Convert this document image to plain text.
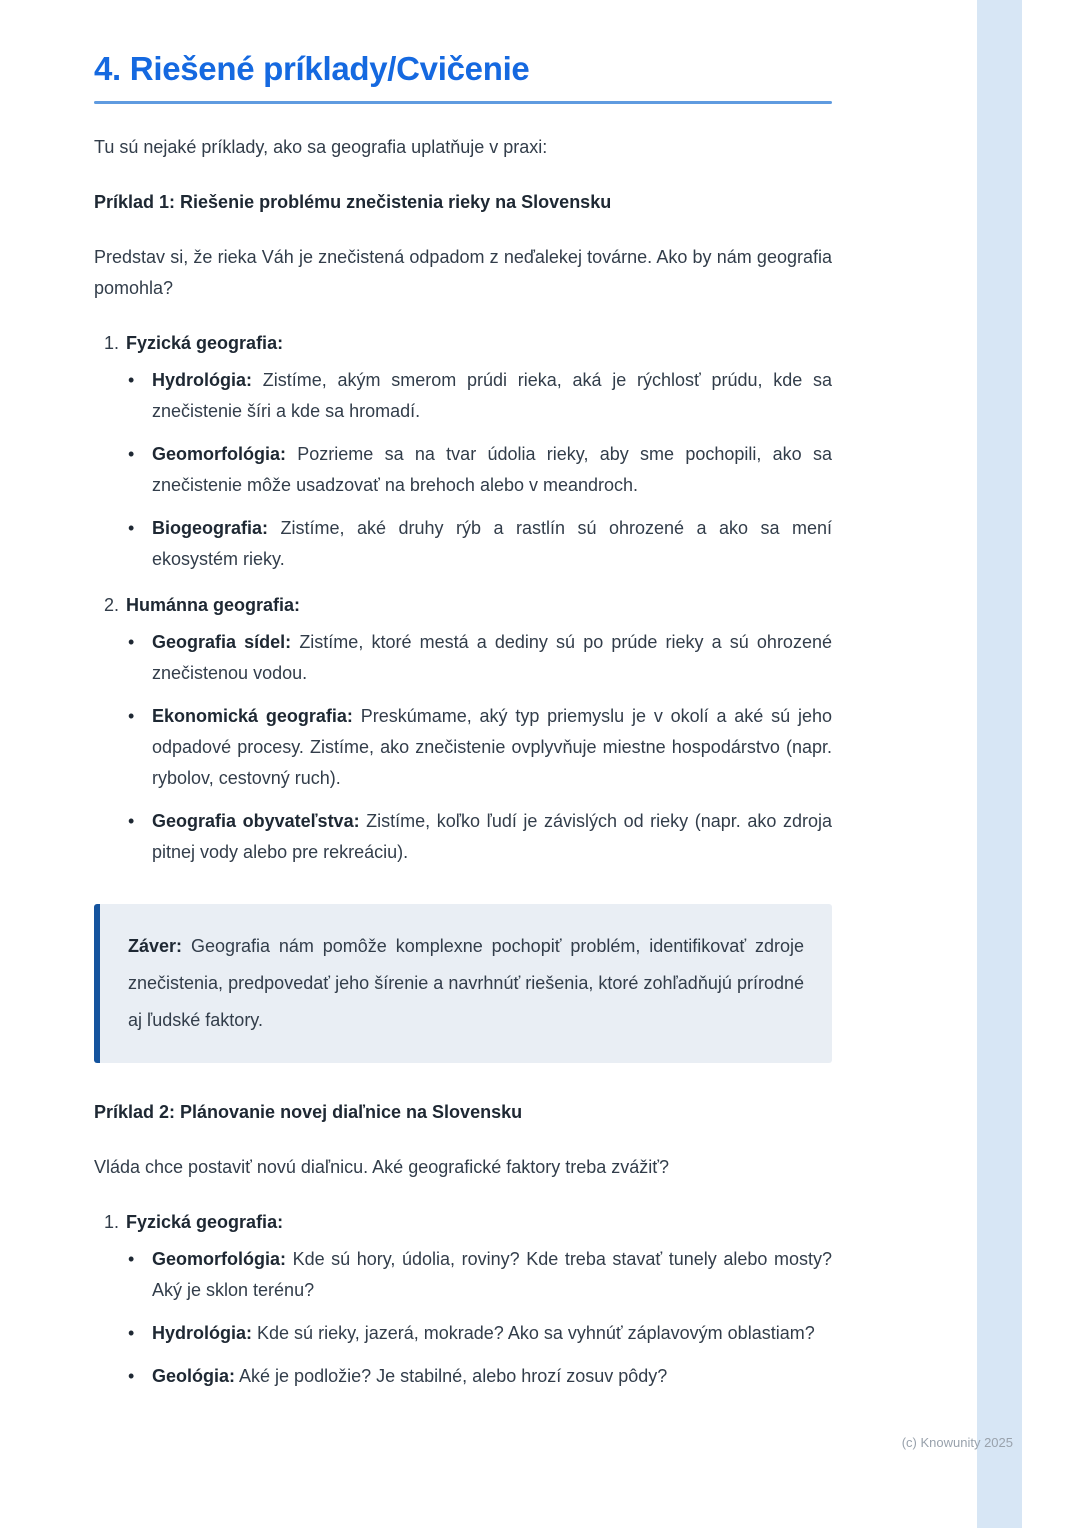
4. Riešené príklady/Cvičenie

Tu sú nejaké príklady, ako sa geografia uplatňuje v praxi:

Príklad 1: Riešenie problému znečistenia rieky na Slovensku

Predstav si, že rieka Váh je znečistená odpadom z neďalekej továrne. Ako by nám geografia pomohla?

1. Fyzická geografia:
• Hydrológia: Zistíme, akým smerom prúdi rieka, aká je rýchlosť prúdu, kde sa znečistenie šíri a kde sa hromadí.
• Geomorfológia: Pozrieme sa na tvar údolia rieky, aby sme pochopili, ako sa znečistenie môže usadzovať na brehoch alebo v meandroch.
• Biogeografia: Zistíme, aké druhy rýb a rastlín sú ohrozené a ako sa mení ekosystém rieky.
2. Humánna geografia:
• Geografia sídel: Zistíme, ktoré mestá a dediny sú po prúde rieky a sú ohrozené znečistenou vodou.
• Ekonomická geografia: Preskúmame, aký typ priemyslu je v okolí a aké sú jeho odpadové procesy. Zistíme, ako znečistenie ovplyvňuje miestne hospodárstvo (napr. rybolov, cestovný ruch).
• Geografia obyvateľstva: Zistíme, koľko ľudí je závislých od rieky (napr. ako zdroja pitnej vody alebo pre rekreáciu).

Záver: Geografia nám pomôže komplexne pochopiť problém, identifikovať zdroje znečistenia, predpovedať jeho šírenie a navrhnúť riešenia, ktoré zohľadňujú prírodné aj ľudské faktory.

Príklad 2: Plánovanie novej diaľnice na Slovensku

Vláda chce postaviť novú diaľnicu. Aké geografické faktory treba zvážiť?

1. Fyzická geografia:
• Geomorfológia: Kde sú hory, údolia, roviny? Kde treba stavať tunely alebo mosty? Aký je sklon terénu?
• Hydrológia: Kde sú rieky, jazerá, mokrade? Ako sa vyhnúť záplavovým oblastiam?
• Geológia: Aké je podložie? Je stabilné, alebo hrozí zosuv pôdy?
(c) Knowunity 2025
